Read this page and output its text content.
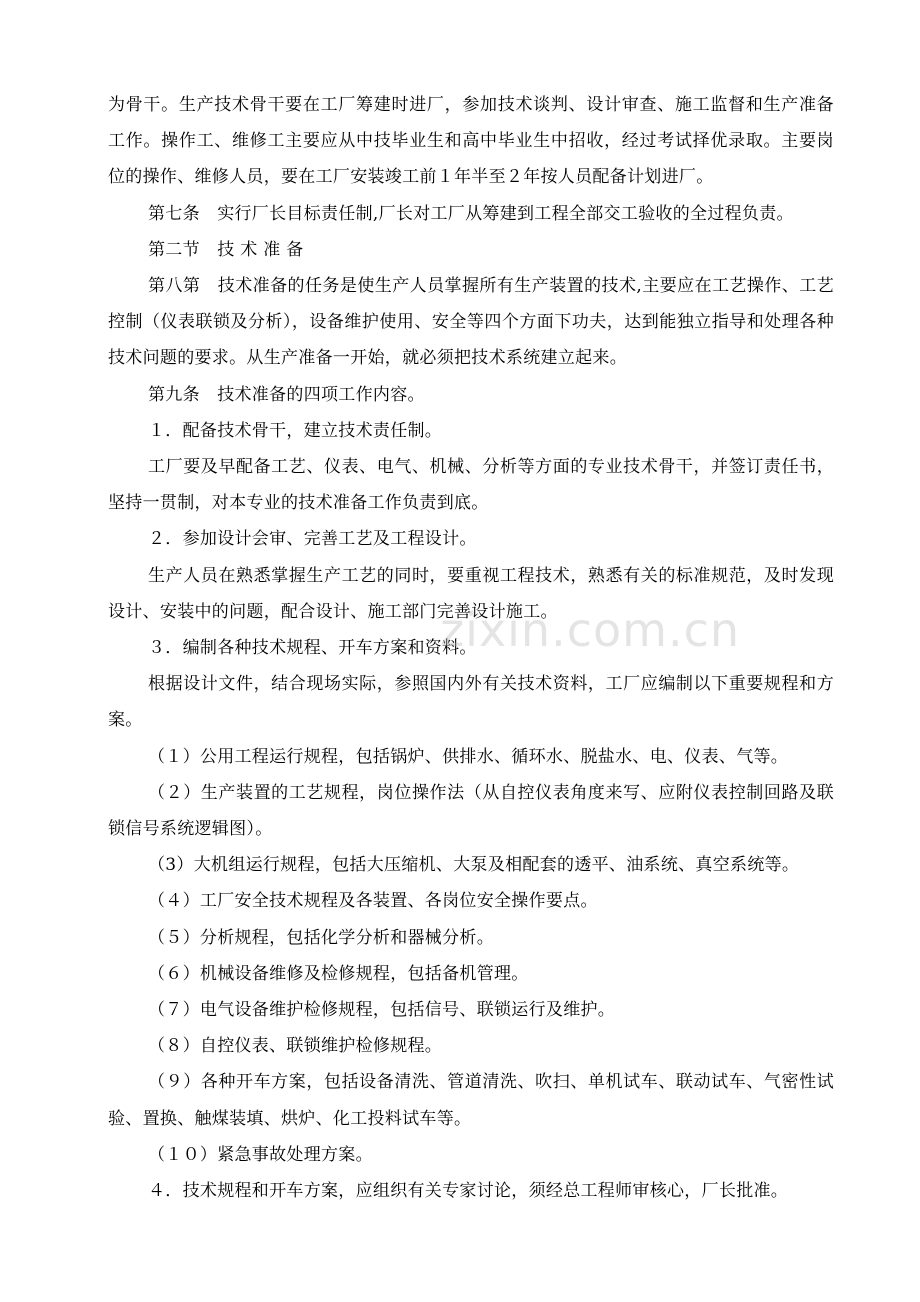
为骨干。生产技术骨干要在工厂筹建时进厂，参加技术谈判、设计审查、施工监督和生产准备工作。操作工、维修工主要应从中技毕业生和高中毕业生中招收，经过考试择优录取。主要岗位的操作、维修人员，要在工厂安装竣工前１年半至２年按人员配备计划进厂。

第七条　实行厂长目标责任制,厂长对工厂从筹建到工程全部交工验收的全过程负责。

第二节　技 术 准 备

第八第　技术准备的任务是使生产人员掌握所有生产装置的技术,主要应在工艺操作、工艺控制（仪表联锁及分析），设备维护使用、安全等四个方面下功夫，达到能独立指导和处理各种技术问题的要求。从生产准备一开始，就必须把技术系统建立起来。

第九条　技术准备的四项工作内容。

１．配备技术骨干，建立技术责任制。

工厂要及早配备工艺、仪表、电气、机械、分析等方面的专业技术骨干，并签订责任书，坚持一贯制，对本专业的技术准备工作负责到底。

２．参加设计会审、完善工艺及工程设计。

生产人员在熟悉掌握生产工艺的同时，要重视工程技术，熟悉有关的标准规范，及时发现设计、安装中的问题，配合设计、施工部门完善设计施工。

３．编制各种技术规程、开车方案和资料。

根据设计文件，结合现场实际，参照国内外有关技术资料，工厂应编制以下重要规程和方案。

（１）公用工程运行规程，包括锅炉、供排水、循环水、脱盐水、电、仪表、气等。

（２）生产装置的工艺规程，岗位操作法（从自控仪表角度来写、应附仪表控制回路及联锁信号系统逻辑图）。

（3）大机组运行规程，包括大压缩机、大泵及相配套的透平、油系统、真空系统等。

（４）工厂安全技术规程及各装置、各岗位安全操作要点。

（５）分析规程，包括化学分析和器械分析。

（６）机械设备维修及检修规程，包括备机管理。

（７）电气设备维护检修规程，包括信号、联锁运行及维护。

（８）自控仪表、联锁维护检修规程。

（９）各种开车方案，包括设备清洗、管道清洗、吹扫、单机试车、联动试车、气密性试验、置换、触煤装填、烘炉、化工投料试车等。

（１０）紧急事故处理方案。

４．技术规程和开车方案，应组织有关专家讨论，须经总工程师审核心，厂长批准。

zixin.com.cn
